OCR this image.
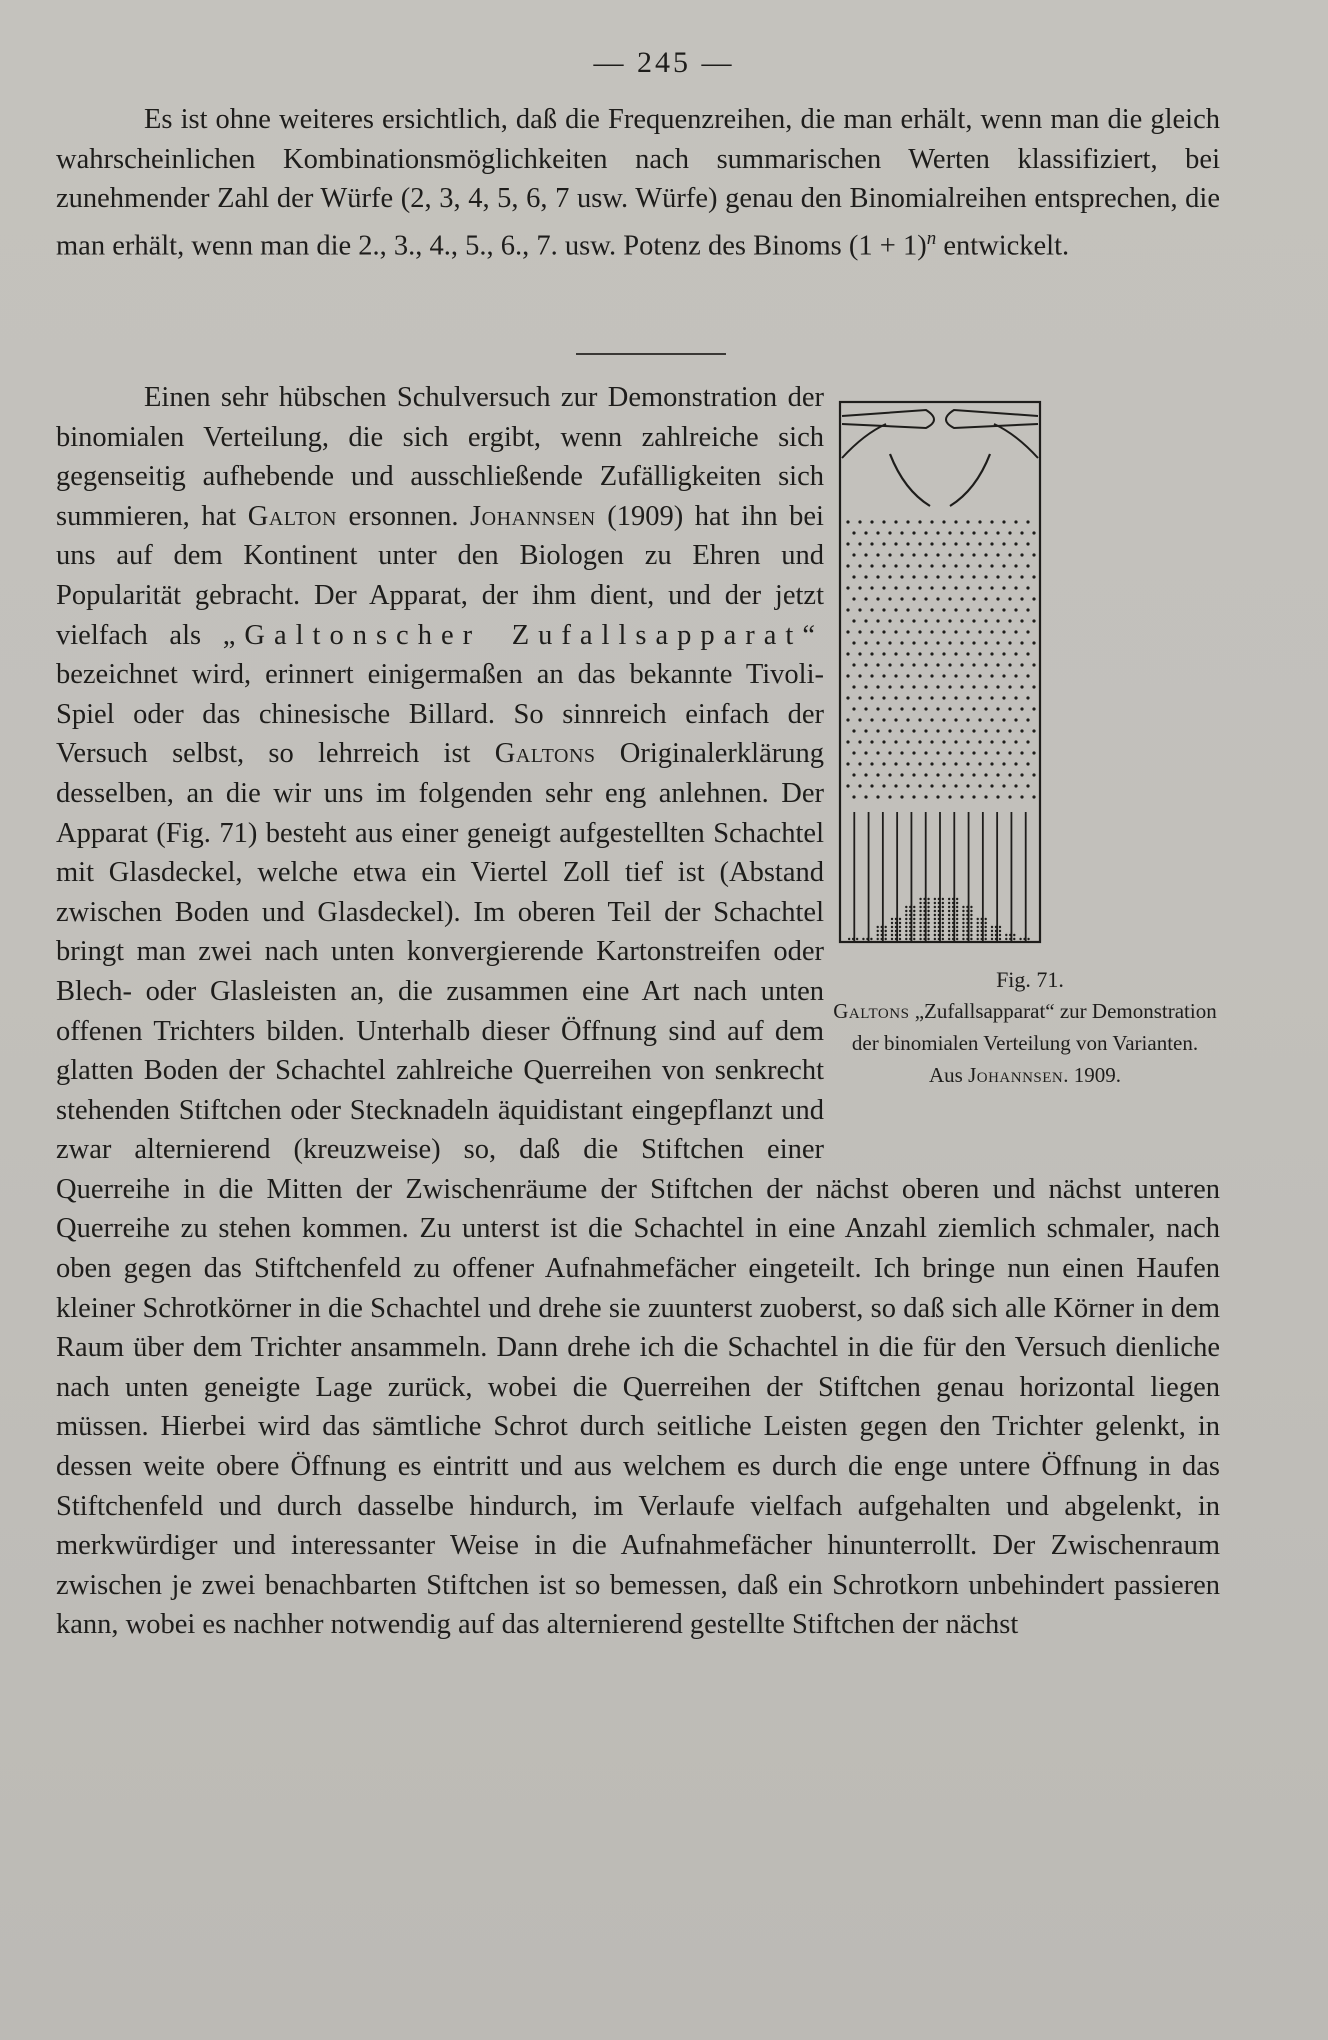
— 245 —
Es ist ohne weiteres ersichtlich, daß die Frequenzreihen, die man erhält, wenn man die gleich wahrscheinlichen Kombinationsmöglichkeiten nach summarischen Werten klassifiziert, bei zunehmender Zahl der Würfe (2, 3, 4, 5, 6, 7 usw. Würfe) genau den Binomialreihen entsprechen, die man erhält, wenn man die 2., 3., 4., 5., 6., 7. usw. Potenz des Binoms $(1 + 1)^n$ entwickelt.
Fig. 71.
Galtons „Zufallsapparat“ zur Demonstration der binomialen Verteilung von Varianten.
Aus Johannsen. 1909.
Einen sehr hübschen Schulversuch zur Demonstration der binomialen Verteilung, die sich ergibt, wenn zahlreiche sich gegenseitig aufhebende und ausschließende Zufälligkeiten sich summieren, hat Galton ersonnen. Johannsen (1909) hat ihn bei uns auf dem Kontinent unter den Biologen zu Ehren und Popularität gebracht. Der Apparat, der ihm dient, und der jetzt vielfach als „Galtonscher Zufallsapparat“ bezeichnet wird, erinnert einigermaßen an das bekannte Tivoli-Spiel oder das chinesische Billard. So sinnreich einfach der Versuch selbst, so lehrreich ist Galtons Originalerklärung desselben, an die wir uns im folgenden sehr eng anlehnen. Der Apparat (Fig. 71) besteht aus einer geneigt aufgestellten Schachtel mit Glasdeckel, welche etwa ein Viertel Zoll tief ist (Abstand zwischen Boden und Glasdeckel). Im oberen Teil der Schachtel bringt man zwei nach unten konvergierende Kartonstreifen oder Blech- oder Glasleisten an, die zusammen eine Art nach unten offenen Trichters bilden. Unterhalb dieser Öffnung sind auf dem glatten Boden der Schachtel zahlreiche Querreihen von senkrecht stehenden Stiftchen oder Stecknadeln äquidistant eingepflanzt und zwar alternierend (kreuzweise) so, daß die Stiftchen einer Querreihe in die Mitten der Zwischenräume der Stiftchen der nächst oberen und nächst unteren Querreihe zu stehen kommen. Zu unterst ist die Schachtel in eine Anzahl ziemlich schmaler, nach oben gegen das Stiftchenfeld zu offener Aufnahmefächer eingeteilt. Ich bringe nun einen Haufen kleiner Schrotkörner in die Schachtel und drehe sie zuunterst zuoberst, so daß sich alle Körner in dem Raum über dem Trichter ansammeln. Dann drehe ich die Schachtel in die für den Versuch dienliche nach unten geneigte Lage zurück, wobei die Querreihen der Stiftchen genau horizontal liegen müssen. Hierbei wird das sämtliche Schrot durch seitliche Leisten gegen den Trichter gelenkt, in dessen weite obere Öffnung es eintritt und aus welchem es durch die enge untere Öffnung in das Stiftchenfeld und durch dasselbe hindurch, im Verlaufe vielfach aufgehalten und abgelenkt, in merkwürdiger und interessanter Weise in die Aufnahmefächer hinunterrollt. Der Zwischenraum zwischen je zwei benachbarten Stiftchen ist so bemessen, daß ein Schrotkorn unbehindert passieren kann, wobei es nachher notwendig auf das alternierend gestellte Stiftchen der nächst
